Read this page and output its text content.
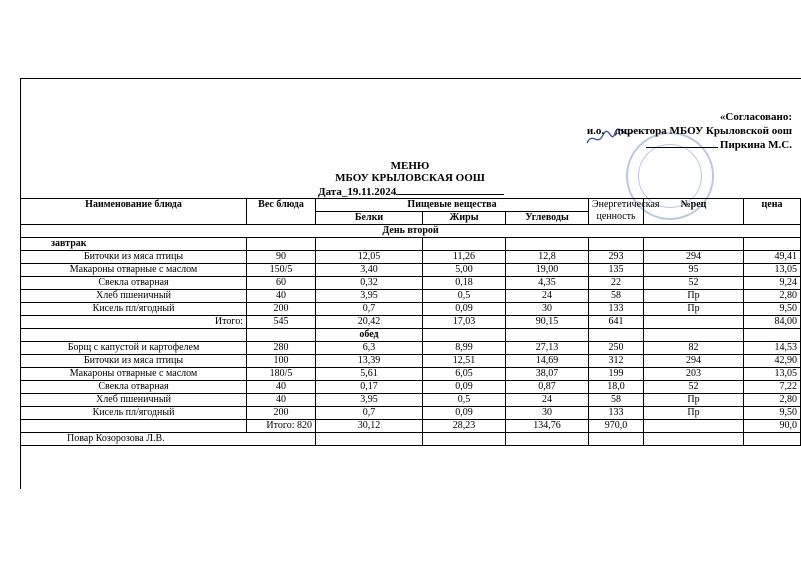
«Согласовано:
и.о.    директора МБОУ Крыловской оош
Пиркина М.С.
МЕНЮ
МБОУ КРЫЛОВСКАЯ ООШ
Дата_19.11.2024
Наименование блюда	Вес блюда	Пищевые вещества			Энергетическая ценность	№рец	цена
		Белки	Жиры	Углеводы			
День второй							
завтрак							
Биточки из мяса птицы	90	12,05	11,26	12,8	293	294	49,41
Макароны отварные с маслом	150/5	3,40	5,00	19,00	135	95	13,05
Свекла отварная	60	0,32	0,18	4,35	22	52	9,24
Хлеб пшеничный	40	3,95	0,5	24	58	Пр	2,80
Кисель пл/ягодный	200	0,7	0,09	30	133	Пр	9,50
Итого:	545	20,42	17,03	90,15	641		84,00
		обед					
Борщ с капустой и картофелем	280	6,3	8,99	27,13	250	82	14,53
Биточки из мяса птицы	100	13,39	12,51	14,69	312	294	42,90
Макароны отварные с маслом	180/5	5,61	6,05	38,07	199	203	13,05
Свекла отварная	40	0,17	0,09	0,87	18,0	52	7,22
Хлеб пшеничный	40	3,95	0,5	24	58	Пр	2,80
Кисель пл/ягодный	200	0,7	0,09	30	133	Пр	9,50
	Итого: 820	30,12	28,23	134,76	970,0		90,0
Повар Козорозова Л.В.							
